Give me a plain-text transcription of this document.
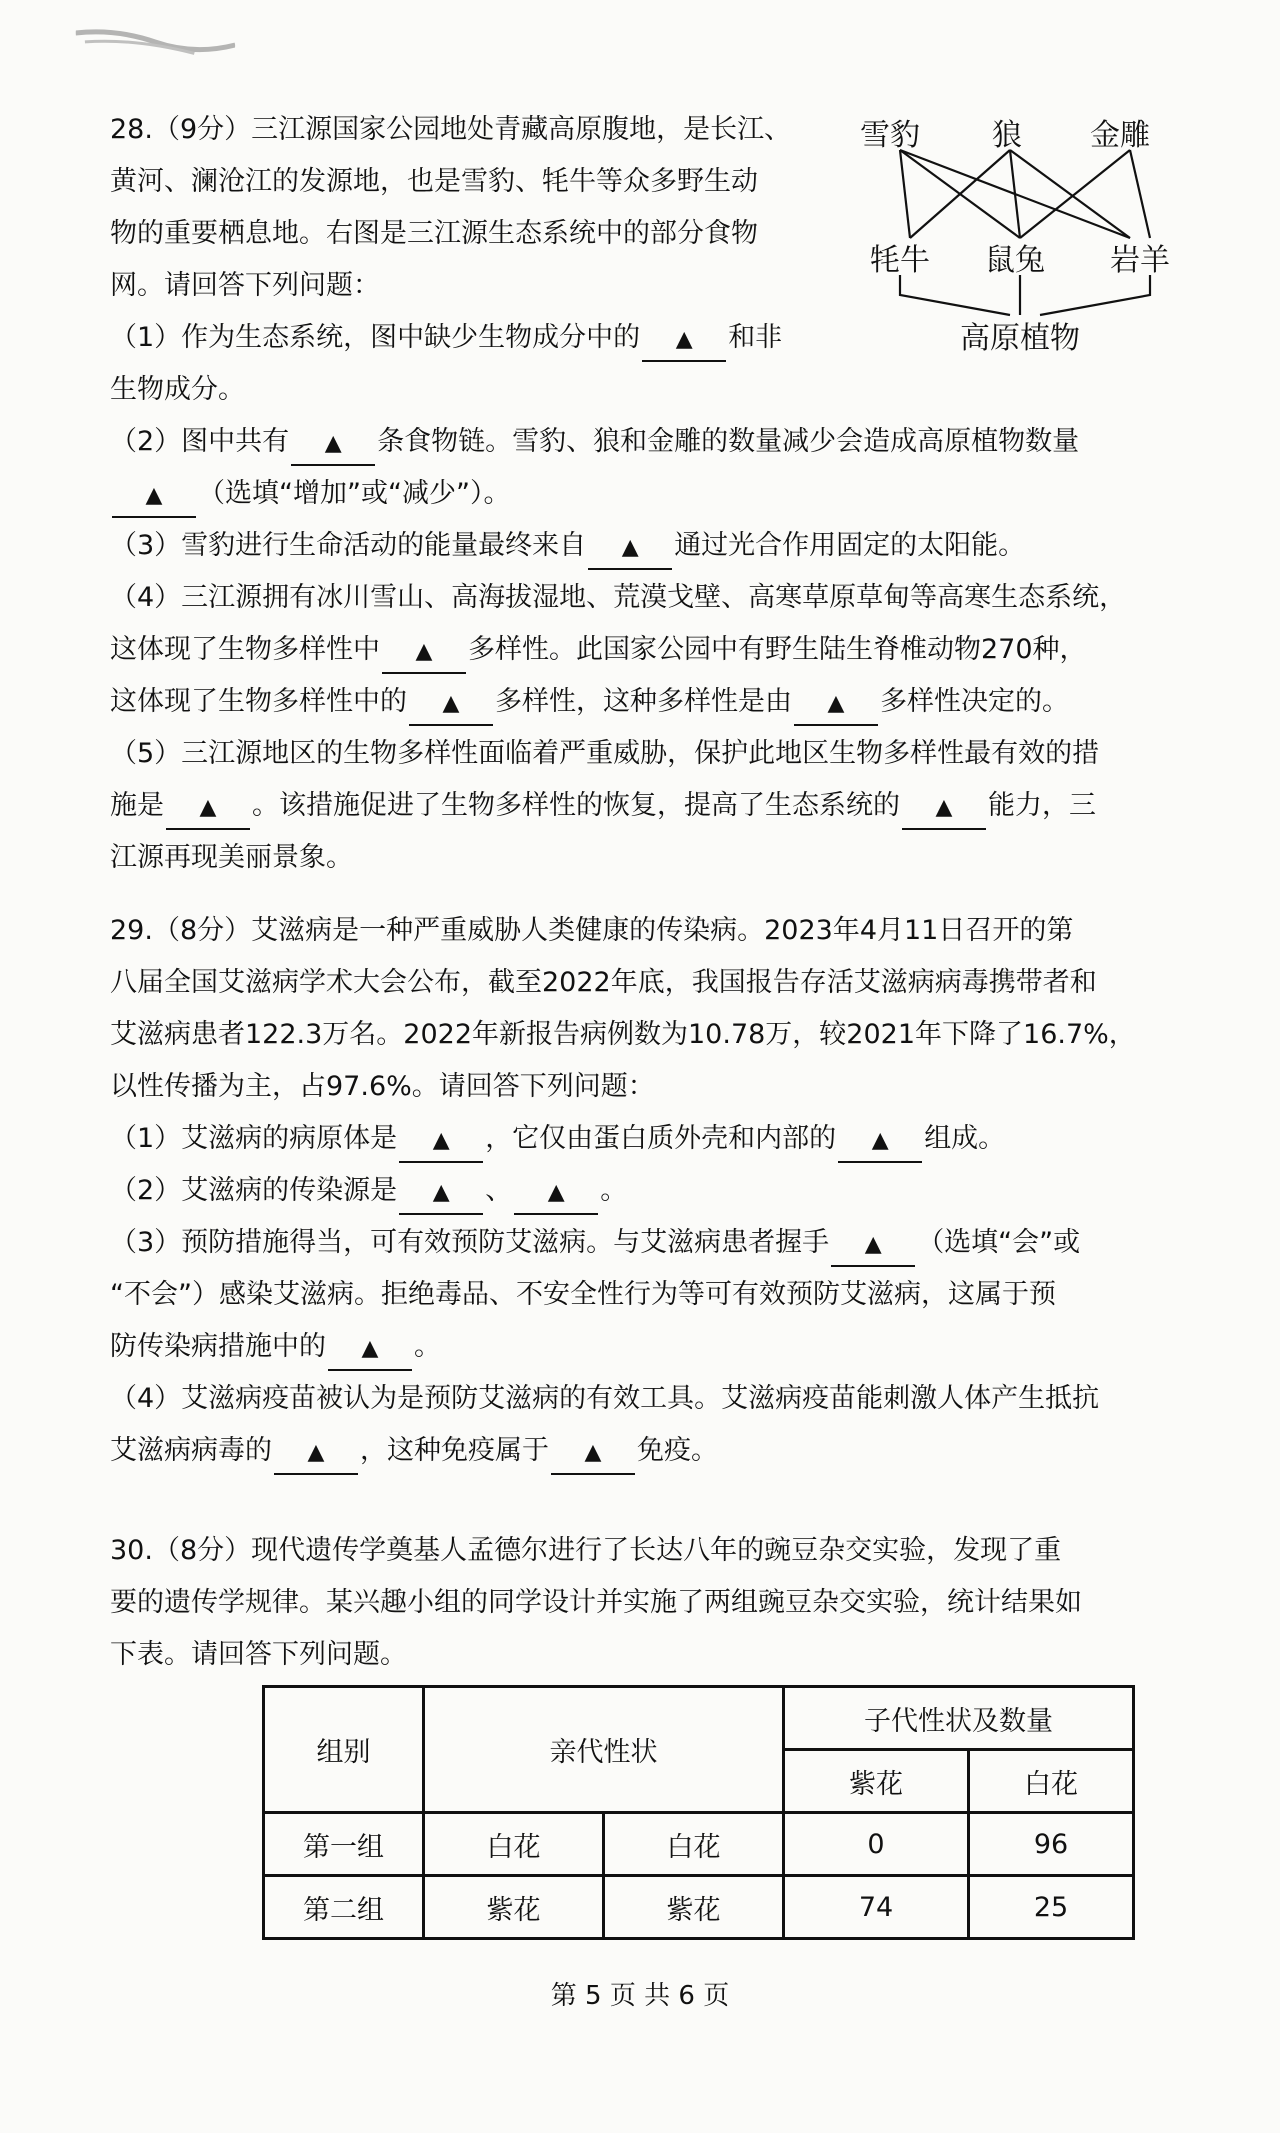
28.（9分）三江源国家公园地处青藏高原腹地，是长江、

黄河、澜沧江的发源地，也是雪豹、牦牛等众多野生动

物的重要栖息地。右图是三江源生态系统中的部分食物

网。请回答下列问题：

（1）作为生态系统，图中缺少生物成分中的 ▲ 和非

生物成分。

（2）图中共有 ▲ 条食物链。雪豹、狼和金雕的数量减少会造成高原植物数量

▲ （选填“增加”或“减少”）。

（3）雪豹进行生命活动的能量最终来自 ▲ 通过光合作用固定的太阳能。

（4）三江源拥有冰川雪山、高海拔湿地、荒漠戈壁、高寒草原草甸等高寒生态系统，

这体现了生物多样性中 ▲ 多样性。此国家公园中有野生陆生脊椎动物270种，

这体现了生物多样性中的 ▲ 多样性，这种多样性是由 ▲ 多样性决定的。

（5）三江源地区的生物多样性面临着严重威胁，保护此地区生物多样性最有效的措

施是 ▲ 。该措施促进了生物多样性的恢复，提高了生态系统的 ▲ 能力，三

江源再现美丽景象。

雪豹 狼 金雕
牦牛 鼠兔 岩羊
高原植物

29.（8分）艾滋病是一种严重威胁人类健康的传染病。2023年4月11日召开的第

八届全国艾滋病学术大会公布，截至2022年底，我国报告存活艾滋病病毒携带者和

艾滋病患者122.3万名。2022年新报告病例数为10.78万，较2021年下降了16.7%，

以性传播为主，占97.6%。请回答下列问题：

（1）艾滋病的病原体是 ▲ ，它仅由蛋白质外壳和内部的 ▲ 组成。

（2）艾滋病的传染源是 ▲ 、 ▲ 。

（3）预防措施得当，可有效预防艾滋病。与艾滋病患者握手 ▲ （选填“会”或

“不会”）感染艾滋病。拒绝毒品、不安全性行为等可有效预防艾滋病，这属于预

防传染病措施中的 ▲ 。

（4）艾滋病疫苗被认为是预防艾滋病的有效工具。艾滋病疫苗能刺激人体产生抵抗

艾滋病病毒的 ▲ ，这种免疫属于 ▲ 免疫。

30.（8分）现代遗传学奠基人孟德尔进行了长达八年的豌豆杂交实验，发现了重

要的遗传学规律。某兴趣小组的同学设计并实施了两组豌豆杂交实验，统计结果如

下表。请回答下列问题。

组别	亲代性状		子代性状及数量	
			紫花	白花
第一组	白花	白花	0	96
第二组	紫花	紫花	74	25
第 5 页 共 6 页
